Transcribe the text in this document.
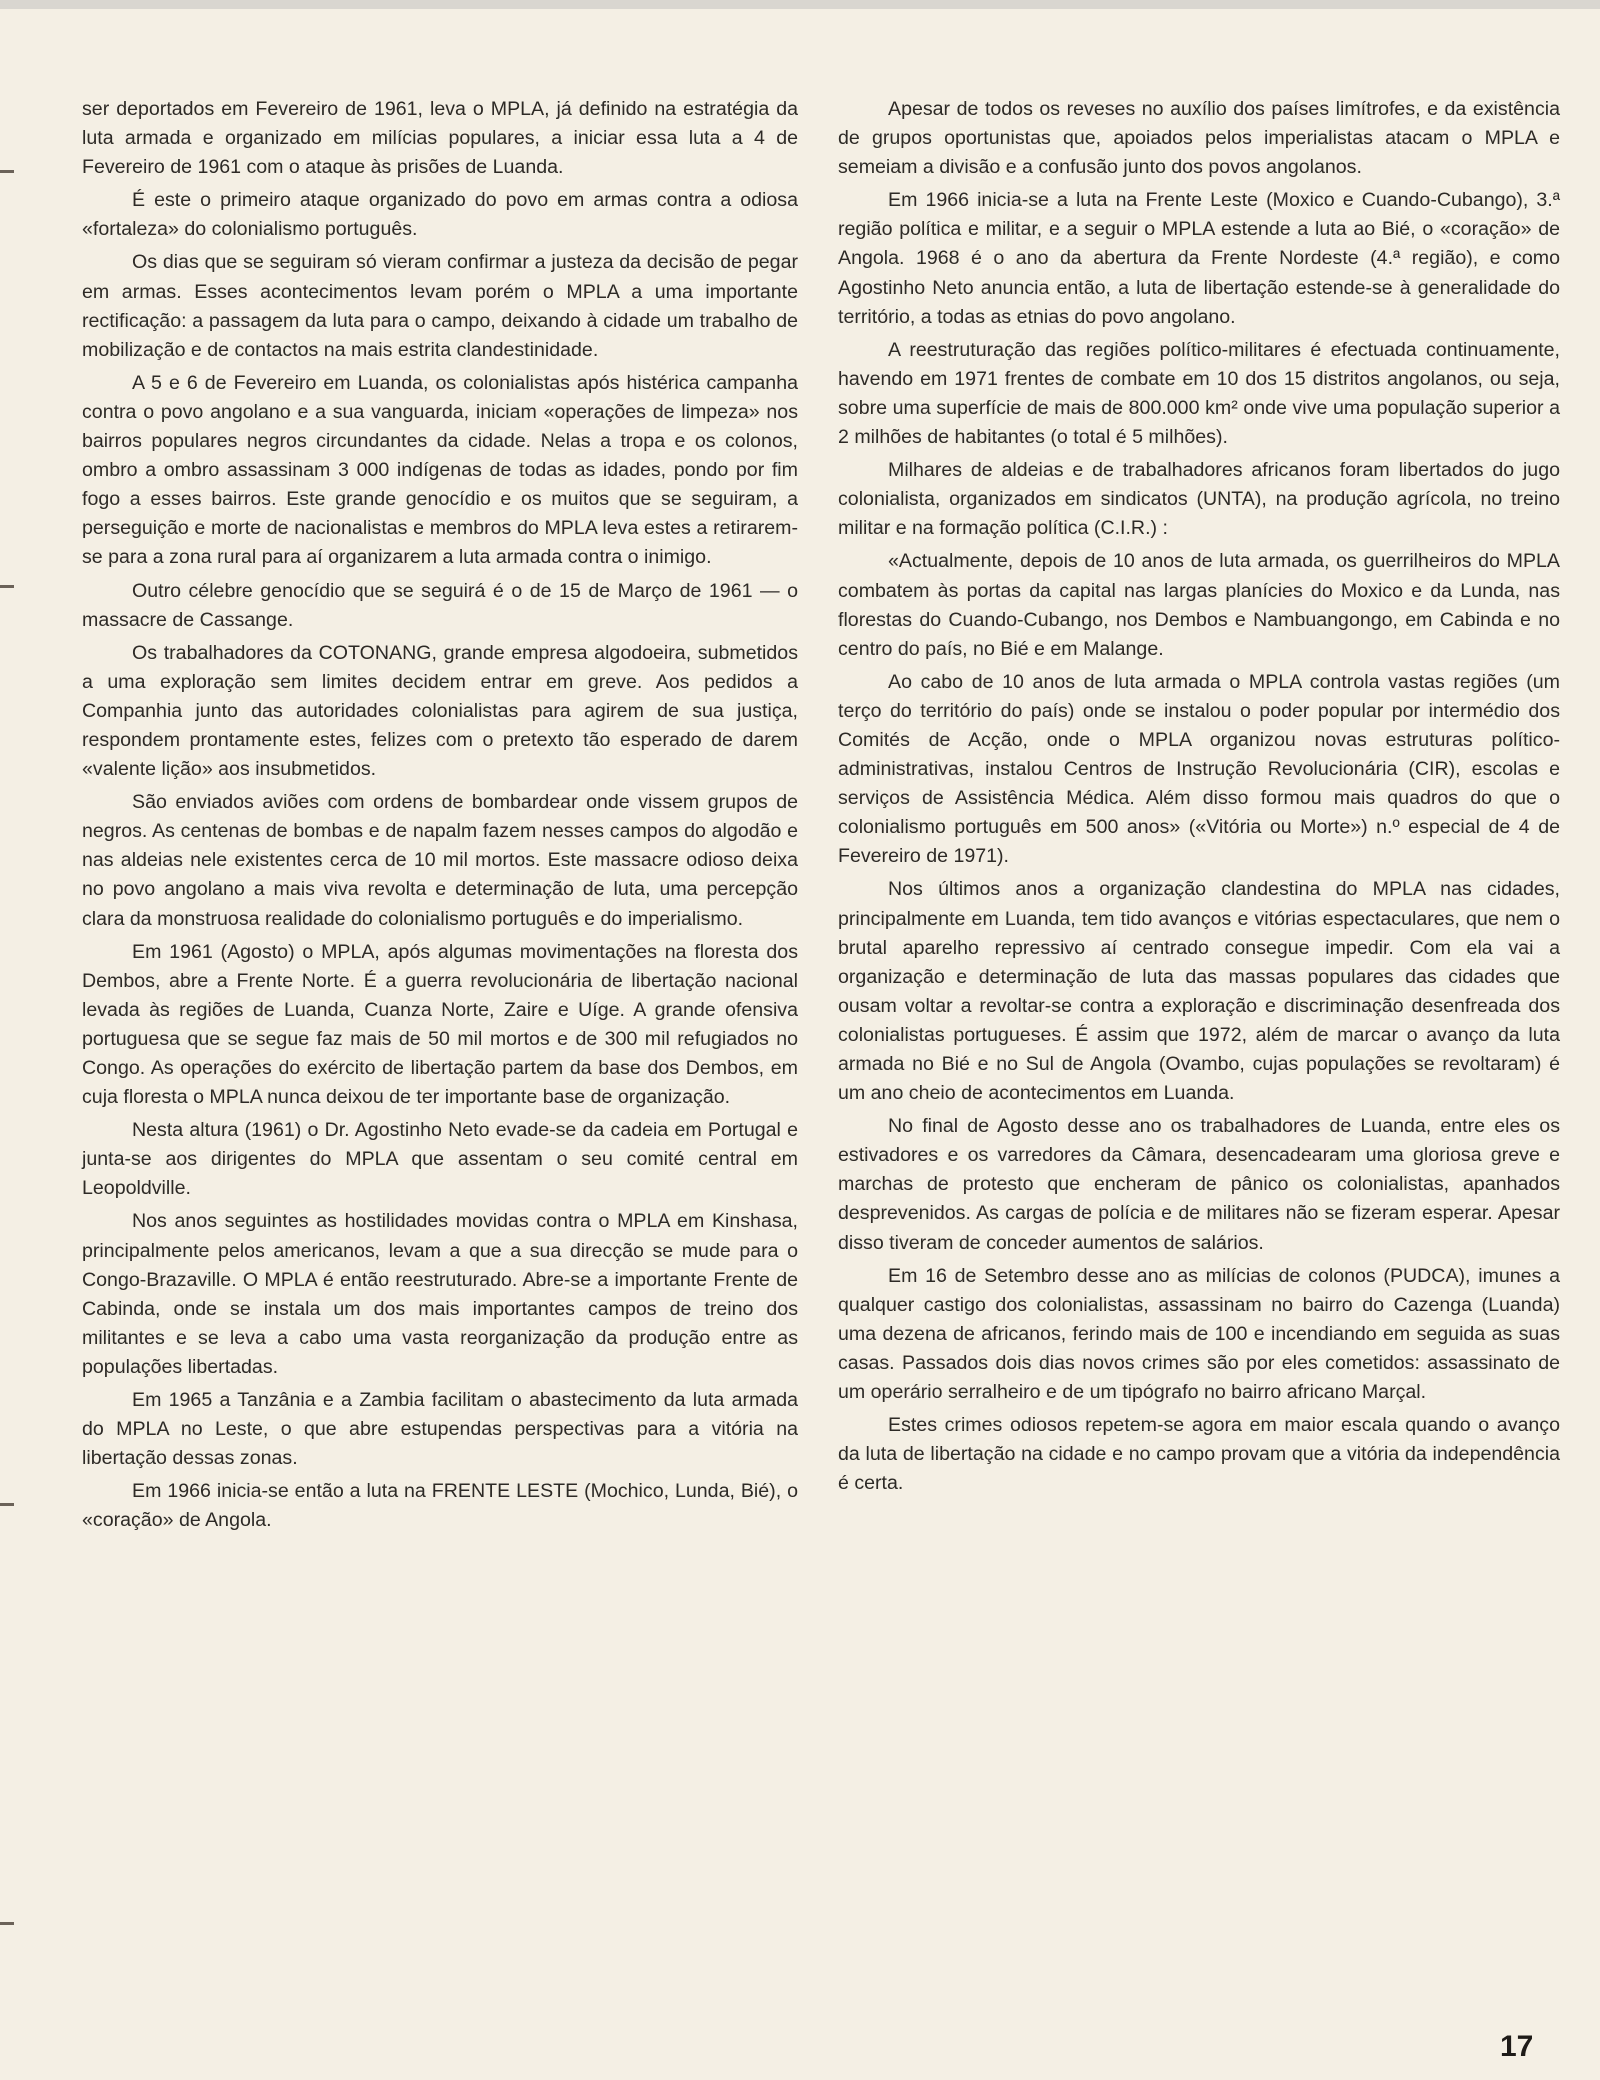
ser deportados em Fevereiro de 1961, leva o MPLA, já definido na estratégia da luta armada e organizado em milícias populares, a iniciar essa luta a 4 de Fevereiro de 1961 com o ataque às prisões de Luanda.

É este o primeiro ataque organizado do povo em armas contra a odiosa «fortaleza» do colonialismo português.

Os dias que se seguiram só vieram confirmar a justeza da decisão de pegar em armas. Esses acontecimentos levam porém o MPLA a uma importante rectificação: a passagem da luta para o campo, deixando à cidade um trabalho de mobilização e de contactos na mais estrita clandestinidade.

A 5 e 6 de Fevereiro em Luanda, os colonialistas após histérica campanha contra o povo angolano e a sua vanguarda, iniciam «operações de limpeza» nos bairros populares negros circundantes da cidade. Nelas a tropa e os colonos, ombro a ombro assassinam 3 000 indígenas de todas as idades, pondo por fim fogo a esses bairros. Este grande genocídio e os muitos que se seguiram, a perseguição e morte de nacionalistas e membros do MPLA leva estes a retirarem-se para a zona rural para aí organizarem a luta armada contra o inimigo.

Outro célebre genocídio que se seguirá é o de 15 de Março de 1961 — o massacre de Cassange.

Os trabalhadores da COTONANG, grande empresa algodoeira, submetidos a uma exploração sem limites decidem entrar em greve. Aos pedidos a Companhia junto das autoridades colonialistas para agirem de sua justiça, respondem prontamente estes, felizes com o pretexto tão esperado de darem «valente lição» aos insubmetidos.

São enviados aviões com ordens de bombardear onde vissem grupos de negros. As centenas de bombas e de napalm fazem nesses campos do algodão e nas aldeias nele existentes cerca de 10 mil mortos. Este massacre odioso deixa no povo angolano a mais viva revolta e determinação de luta, uma percepção clara da monstruosa realidade do colonialismo português e do imperialismo.

Em 1961 (Agosto) o MPLA, após algumas movimentações na floresta dos Dembos, abre a Frente Norte. É a guerra revolucionária de libertação nacional levada às regiões de Luanda, Cuanza Norte, Zaire e Uíge. A grande ofensiva portuguesa que se segue faz mais de 50 mil mortos e de 300 mil refugiados no Congo. As operações do exército de libertação partem da base dos Dembos, em cuja floresta o MPLA nunca deixou de ter importante base de organização.

Nesta altura (1961) o Dr. Agostinho Neto evade-se da cadeia em Portugal e junta-se aos dirigentes do MPLA que assentam o seu comité central em Leopoldville.

Nos anos seguintes as hostilidades movidas contra o MPLA em Kinshasa, principalmente pelos americanos, levam a que a sua direcção se mude para o Congo-Brazaville. O MPLA é então reestruturado. Abre-se a importante Frente de Cabinda, onde se instala um dos mais importantes campos de treino dos militantes e se leva a cabo uma vasta reorganização da produção entre as populações libertadas.

Em 1965 a Tanzânia e a Zambia facilitam o abastecimento da luta armada do MPLA no Leste, o que abre estupendas perspectivas para a vitória na libertação dessas zonas.

Em 1966 inicia-se então a luta na FRENTE LESTE (Mochico, Lunda, Bié), o «coração» de Angola.

Apesar de todos os reveses no auxílio dos países limítrofes, e da existência de grupos oportunistas que, apoiados pelos imperialistas atacam o MPLA e semeiam a divisão e a confusão junto dos povos angolanos.

Em 1966 inicia-se a luta na Frente Leste (Moxico e Cuando-Cubango), 3.ª região política e militar, e a seguir o MPLA estende a luta ao Bié, o «coração» de Angola. 1968 é o ano da abertura da Frente Nordeste (4.ª região), e como Agostinho Neto anuncia então, a luta de libertação estende-se à generalidade do território, a todas as etnias do povo angolano.

A reestruturação das regiões político-militares é efectuada continuamente, havendo em 1971 frentes de combate em 10 dos 15 distritos angolanos, ou seja, sobre uma superfície de mais de 800.000 km² onde vive uma população superior a 2 milhões de habitantes (o total é 5 milhões).

Milhares de aldeias e de trabalhadores africanos foram libertados do jugo colonialista, organizados em sindicatos (UNTA), na produção agrícola, no treino militar e na formação política (C.I.R.) :

«Actualmente, depois de 10 anos de luta armada, os guerrilheiros do MPLA combatem às portas da capital nas largas planícies do Moxico e da Lunda, nas florestas do Cuando-Cubango, nos Dembos e Nambuangongo, em Cabinda e no centro do país, no Bié e em Malange.

Ao cabo de 10 anos de luta armada o MPLA controla vastas regiões (um terço do território do país) onde se instalou o poder popular por intermédio dos Comités de Acção, onde o MPLA organizou novas estruturas político-administrativas, instalou Centros de Instrução Revolucionária (CIR), escolas e serviços de Assistência Médica. Além disso formou mais quadros do que o colonialismo português em 500 anos» («Vitória ou Morte») n.º especial de 4 de Fevereiro de 1971).

Nos últimos anos a organização clandestina do MPLA nas cidades, principalmente em Luanda, tem tido avanços e vitórias espectaculares, que nem o brutal aparelho repressivo aí centrado consegue impedir. Com ela vai a organização e determinação de luta das massas populares das cidades que ousam voltar a revoltar-se contra a exploração e discriminação desenfreada dos colonialistas portugueses. É assim que 1972, além de marcar o avanço da luta armada no Bié e no Sul de Angola (Ovambo, cujas populações se revoltaram) é um ano cheio de acontecimentos em Luanda.

No final de Agosto desse ano os trabalhadores de Luanda, entre eles os estivadores e os varredores da Câmara, desencadearam uma gloriosa greve e marchas de protesto que encheram de pânico os colonialistas, apanhados desprevenidos. As cargas de polícia e de militares não se fizeram esperar. Apesar disso tiveram de conceder aumentos de salários.

Em 16 de Setembro desse ano as milícias de colonos (PUDCA), imunes a qualquer castigo dos colonialistas, assassinam no bairro do Cazenga (Luanda) uma dezena de africanos, ferindo mais de 100 e incendiando em seguida as suas casas. Passados dois dias novos crimes são por eles cometidos: assassinato de um operário serralheiro e de um tipógrafo no bairro africano Marçal.

Estes crimes odiosos repetem-se agora em maior escala quando o avanço da luta de libertação na cidade e no campo provam que a vitória da independência é certa.

17
